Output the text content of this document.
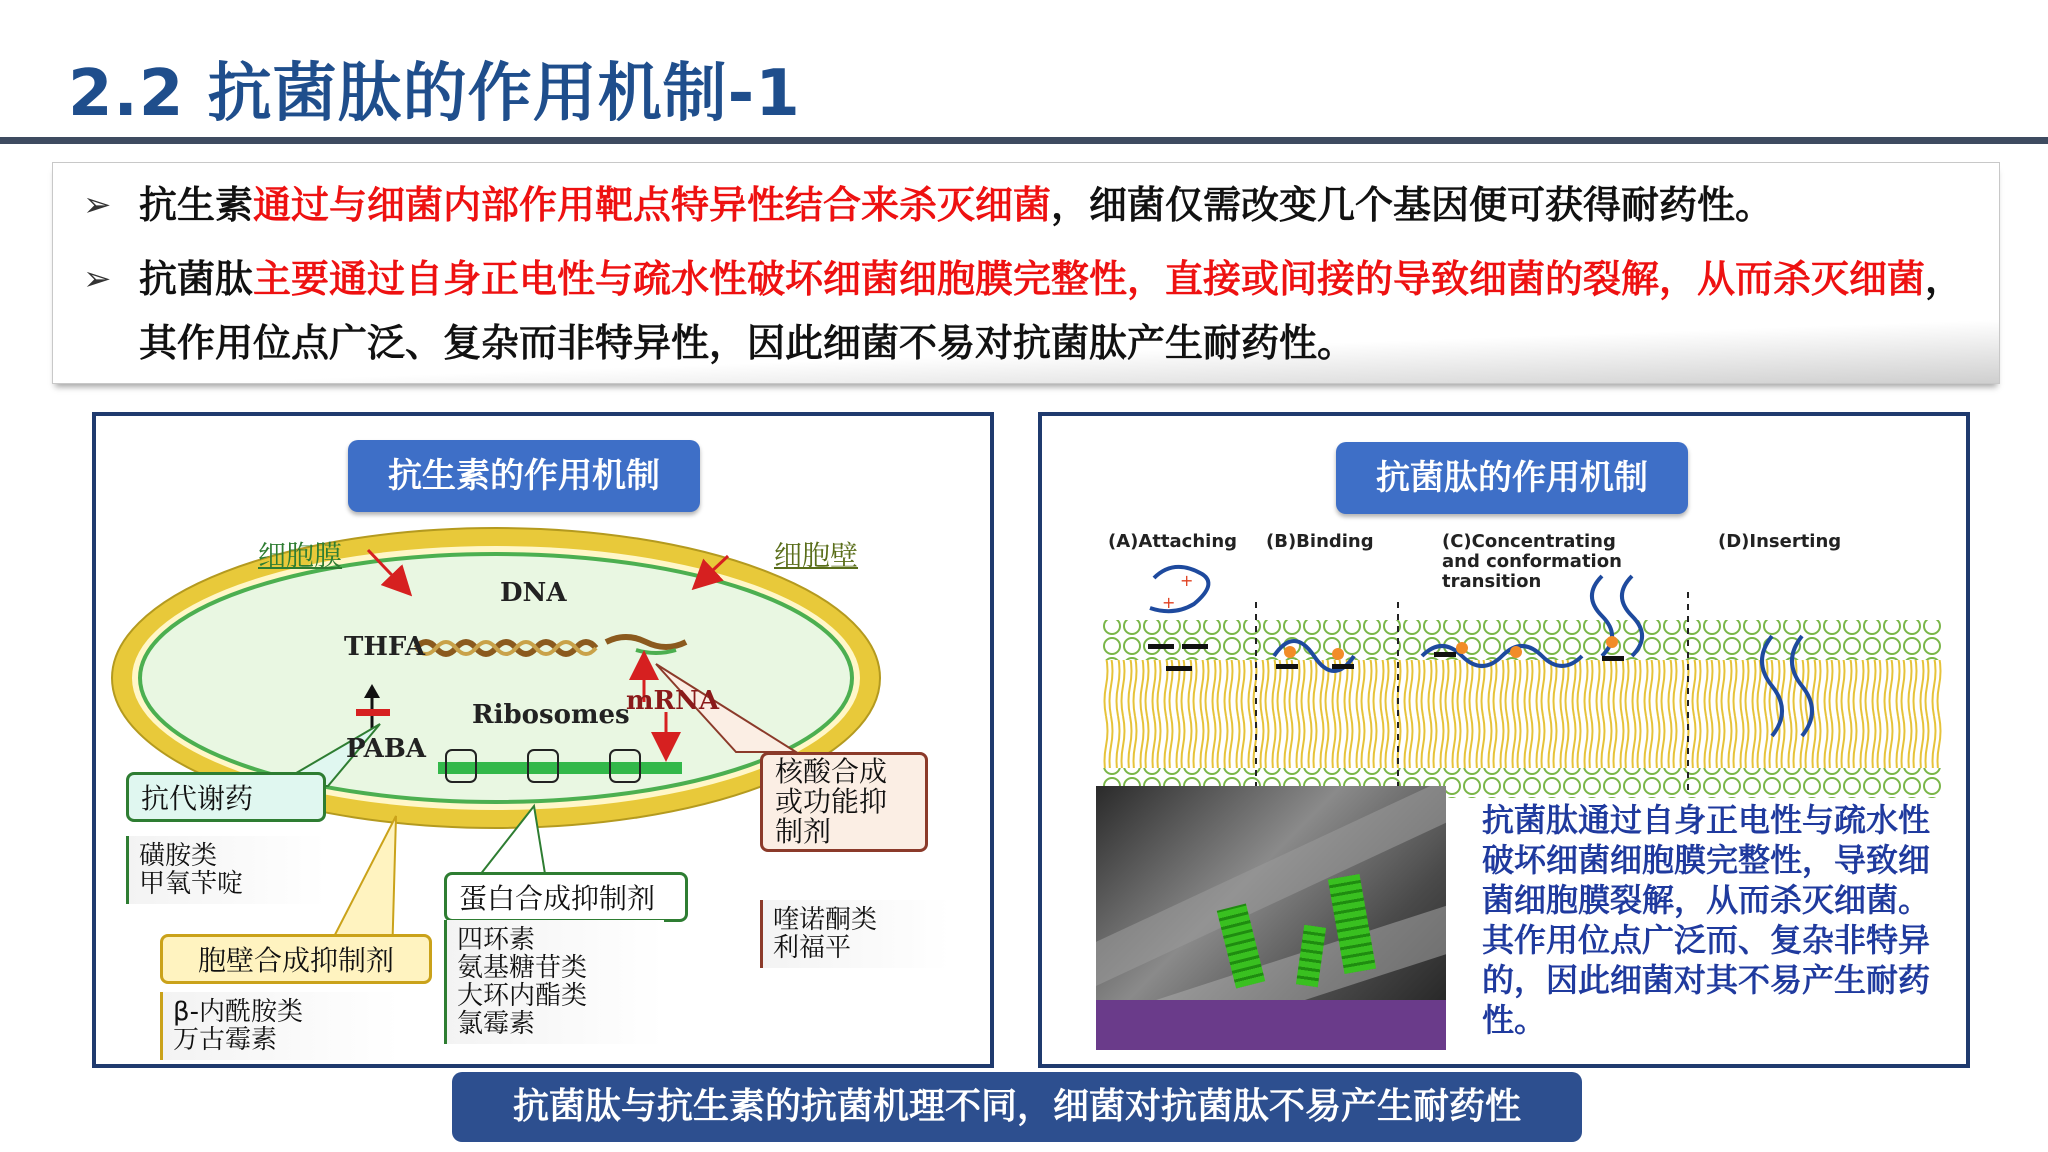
2.2 抗菌肽的作用机制-1
➢ 抗生素通过与细菌内部作用靶点特异性结合来杀灭细菌，细菌仅需改变几个基因便可获得耐药性。
➢ 抗菌肽主要通过自身正电性与疏水性破坏细菌细胞膜完整性，直接或间接的导致细菌的裂解，从而杀灭细菌，其作用位点广泛、复杂而非特异性，因此细菌不易对抗菌肽产生耐药性。
抗生素的作用机制
细胞膜	细胞壁
DNA
THFA
PABA
Ribosomes
mRNA
抗代谢药
磺胺类
甲氧苄啶
胞壁合成抑制剂
β-内酰胺类
万古霉素
蛋白合成抑制剂
四环素
氨基糖苷类
大环内酯类
氯霉素
核酸合成
或功能抑
制剂
喹诺酮类
利福平
抗菌肽的作用机制
(A)Attaching (B)Binding	(C)Concentrating
and conformation
transition
(D)Inserting
+
+
抗菌肽通过自身正电性与疏水性破坏细菌细胞膜完整性，导致细菌细胞膜裂解，从而杀灭细菌。其作用位点广泛而、复杂非特异的，因此细菌对其不易产生耐药性。
抗菌肽与抗生素的抗菌机理不同，细菌对抗菌肽不易产生耐药性
